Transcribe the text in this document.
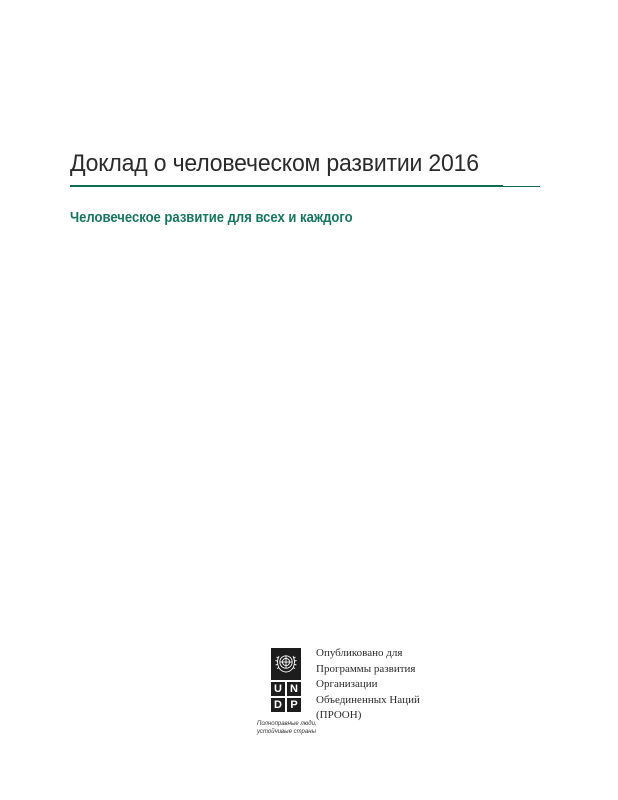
Доклад о человеческом развитии 2016
Человеческое развитие для всех и каждого
U N
D P
Полноправные люди,
устойчивые страны
Опубликовано для
Программы развития
Организации
Объединенных Наций
(ПРООН)
